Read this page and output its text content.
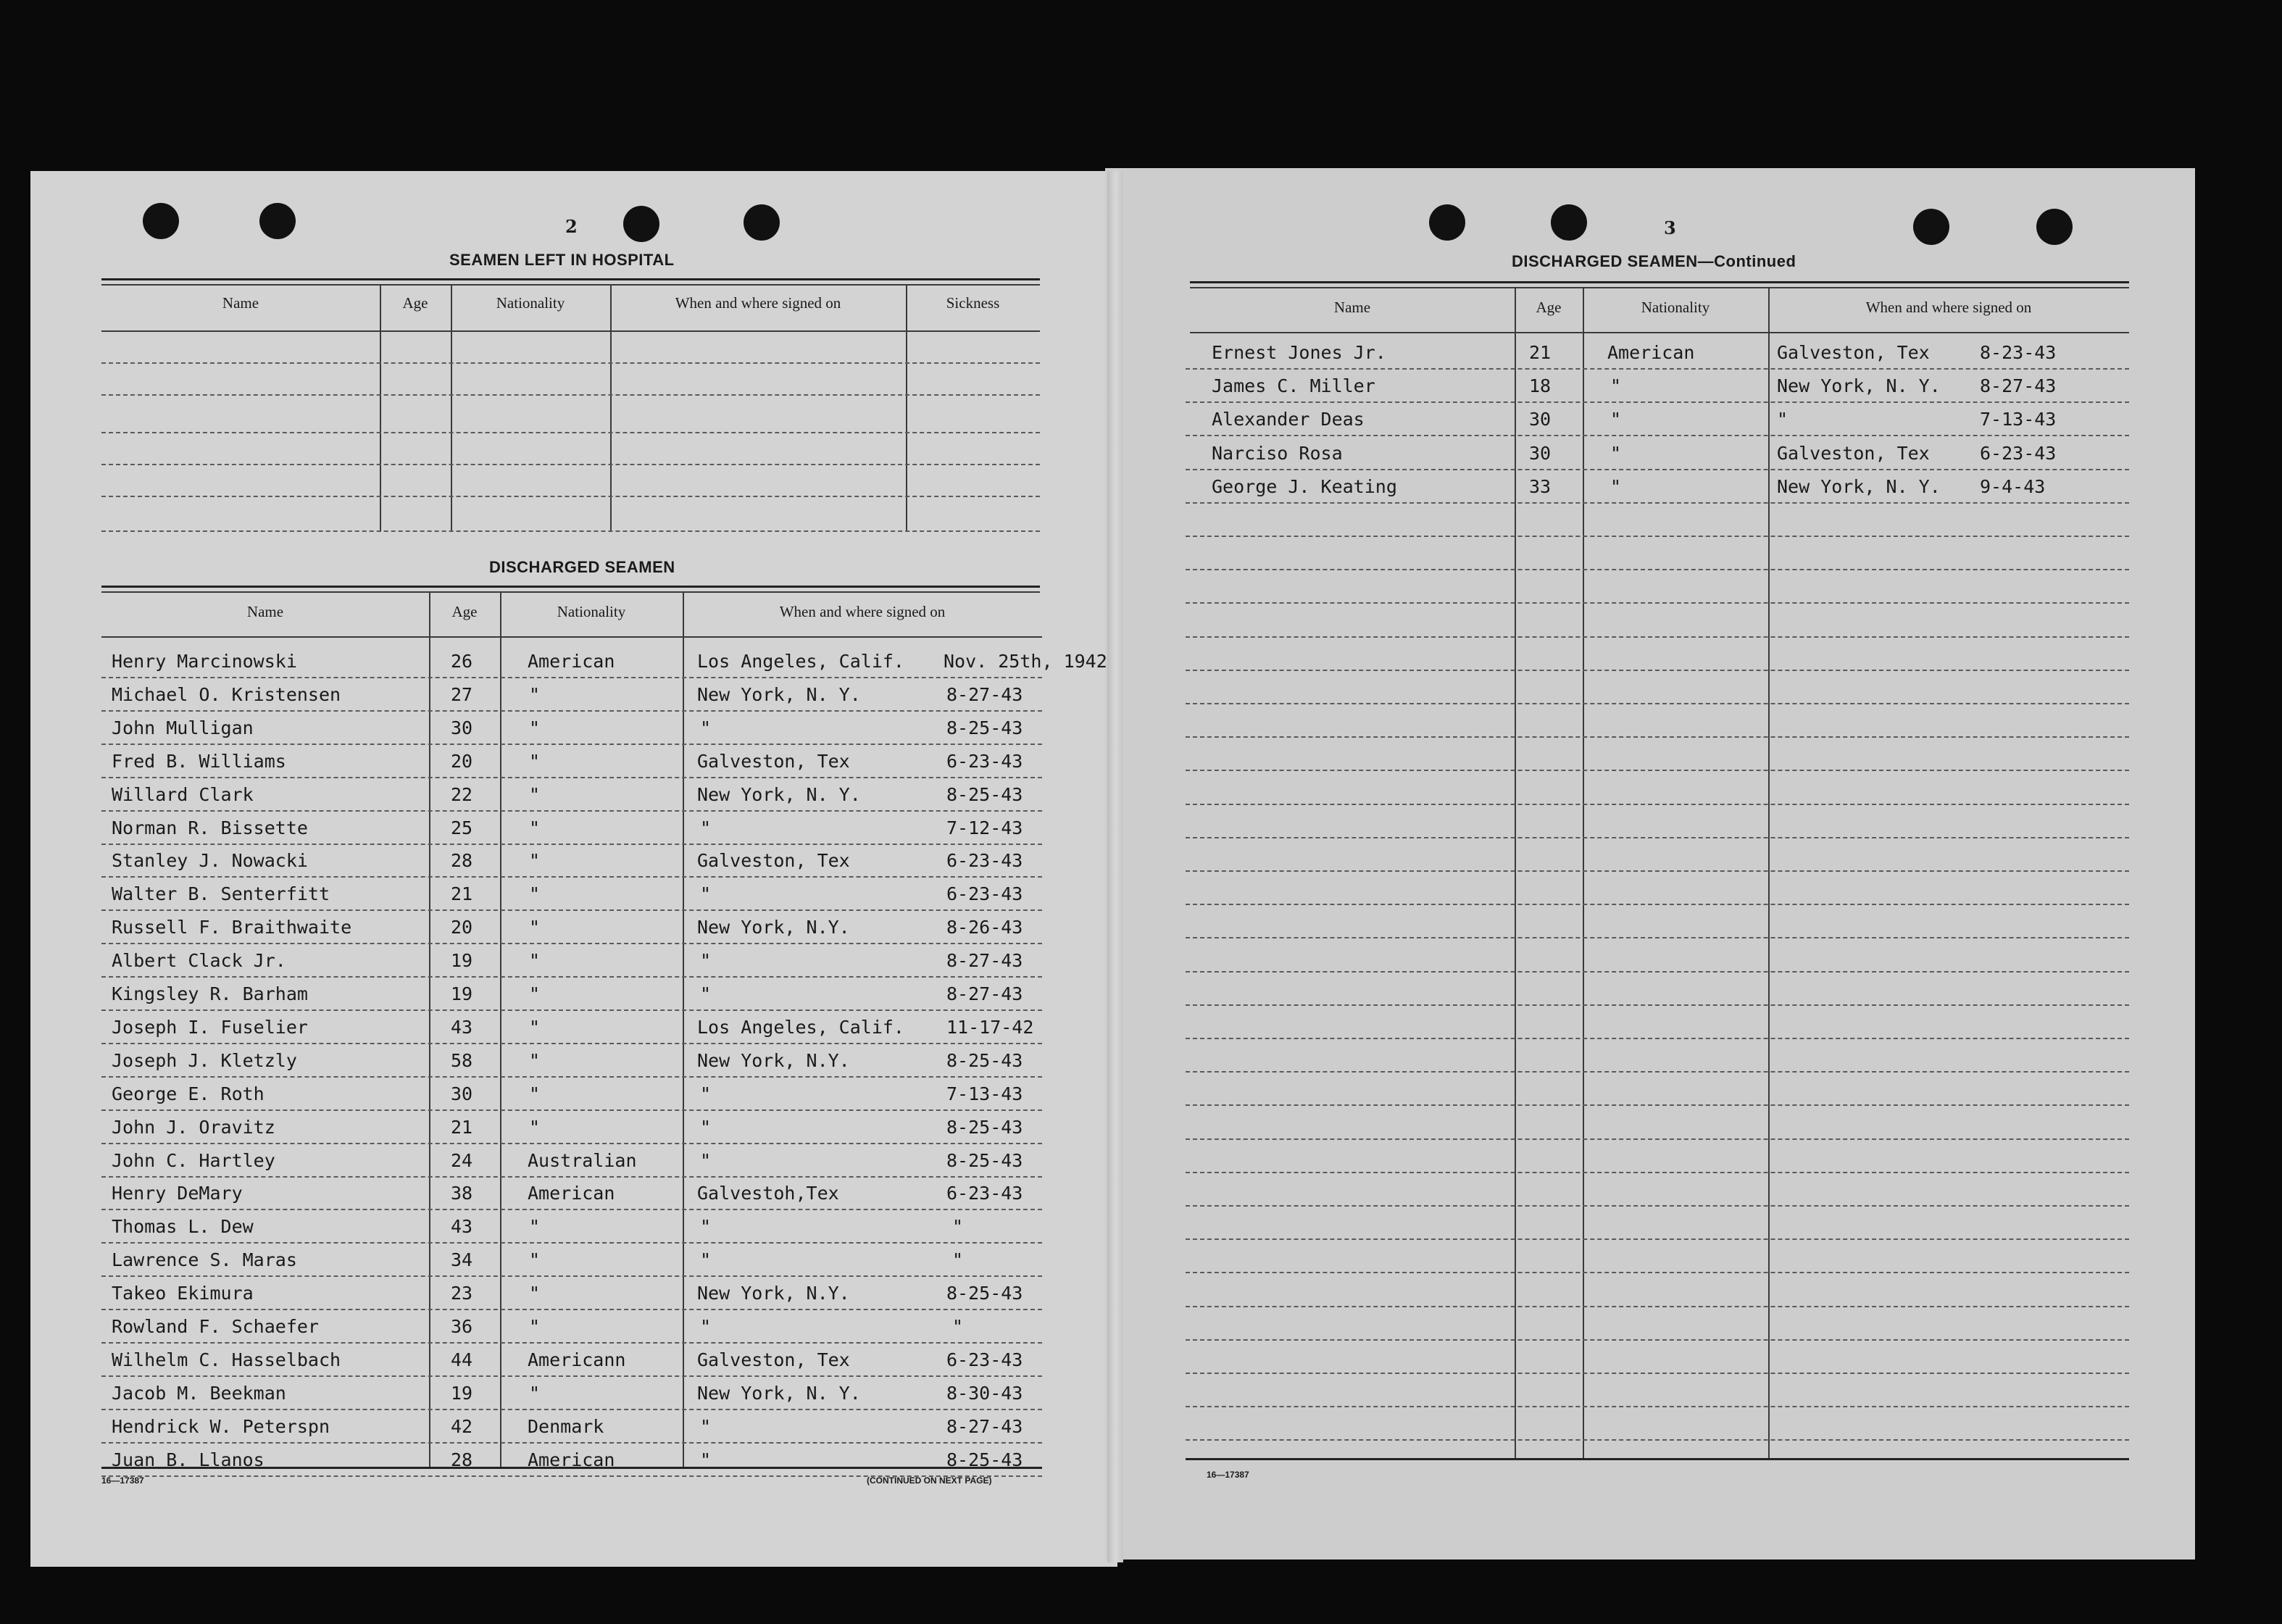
2
SEAMEN LEFT IN HOSPITAL
Name	Age	Nationality	When and where signed on	Sickness
DISCHARGED SEAMEN
Name	Age	Nationality	When and where signed on
Henry Marcinowski	26	American	Los Angeles, Calif. Nov. 25th, 1942
Michael O. Kristensen	27	"	New York, N. Y.	8-27-43
John Mulligan	30	"	"	8-25-43
Fred B. Williams	20	"	Galveston, Tex	6-23-43
Willard Clark	22	"	New York, N. Y.	8-25-43
Norman R. Bissette	25	"	"	7-12-43
Stanley J. Nowacki	28	"	Galveston, Tex	6-23-43
Walter B. Senterfitt	21	"	"	6-23-43
Russell F. Braithwaite	20	"	New York, N.Y.	8-26-43
Albert Clack Jr.	19	"	"	8-27-43
Kingsley R. Barham	19	"	"	8-27-43
Joseph I. Fuselier	43	"	Los Angeles, Calif. 11-17-42
Joseph J. Kletzly	58	"	New York, N.Y.	8-25-43
George E. Roth	30	"	"	7-13-43
John J. Oravitz	21	"	"	8-25-43
John C. Hartley	24	Australian	"	8-25-43
Henry DeMary	38	American	Galvestoh,Tex	6-23-43
Thomas L. Dew	43	"	"	"
Lawrence S. Maras	34	"	"	"
Takeo Ekimura	23	"	New York, N.Y.	8-25-43
Rowland F. Schaefer	36	"	"	"
Wilhelm C. Hasselbach	44	Americann	Galveston, Tex	6-23-43
Jacob M. Beekman	19	"	New York, N. Y.	8-30-43
Hendrick W. Peterspn	42	Denmark	"	8-27-43
Juan B. Llanos	28	American	"	8-25-43
16—17387	(CONTINUED ON NEXT PAGE)
3
DISCHARGED SEAMEN—Continued
Name	Age	Nationality	When and where signed on
Ernest Jones Jr.	21	American	Galveston, Tex	8-23-43
James C. Miller	18	"	New York, N. Y. 8-27-43
Alexander Deas	30	"	"	7-13-43
Narciso Rosa	30	"	Galveston, Tex	6-23-43
George J. Keating	33	"	New York, N. Y. 9-4-43
16—17387
